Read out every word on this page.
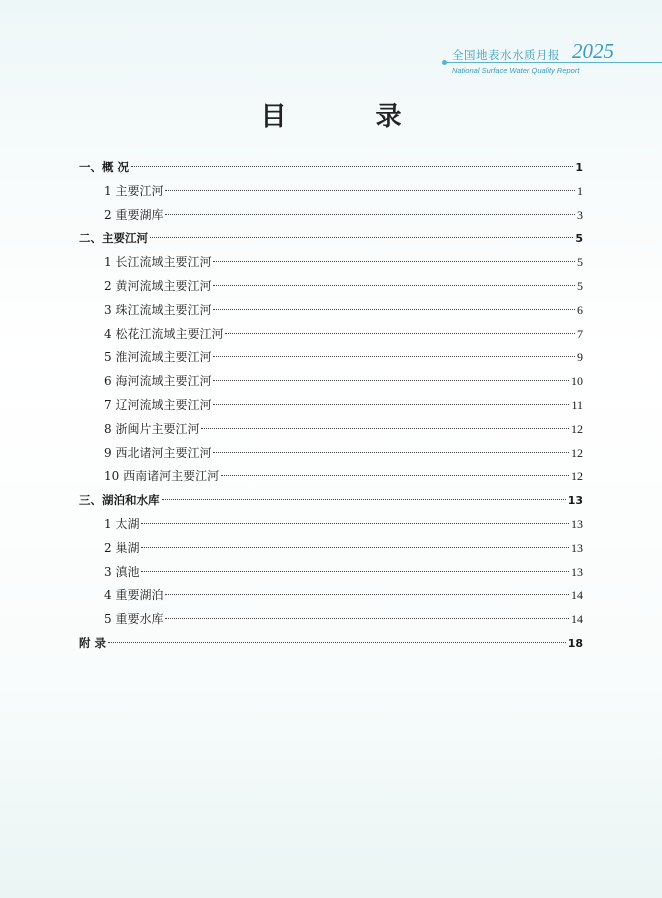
全国地表水水质月报 2025
National Surface Water Quality Report
目 录
一、概 况	1
1 主要江河	1
2 重要湖库	3
二、主要江河	5
1 长江流域主要江河	5
2 黄河流域主要江河	5
3 珠江流域主要江河	6
4 松花江流域主要江河	7
5 淮河流域主要江河	9
6 海河流域主要江河	10
7 辽河流域主要江河	11
8 浙闽片主要江河	12
9 西北诸河主要江河	12
10 西南诸河主要江河	12
三、湖泊和水库	13
1 太湖	13
2 巢湖	13
3 滇池	13
4 重要湖泊	14
5 重要水库	14
附 录	18
